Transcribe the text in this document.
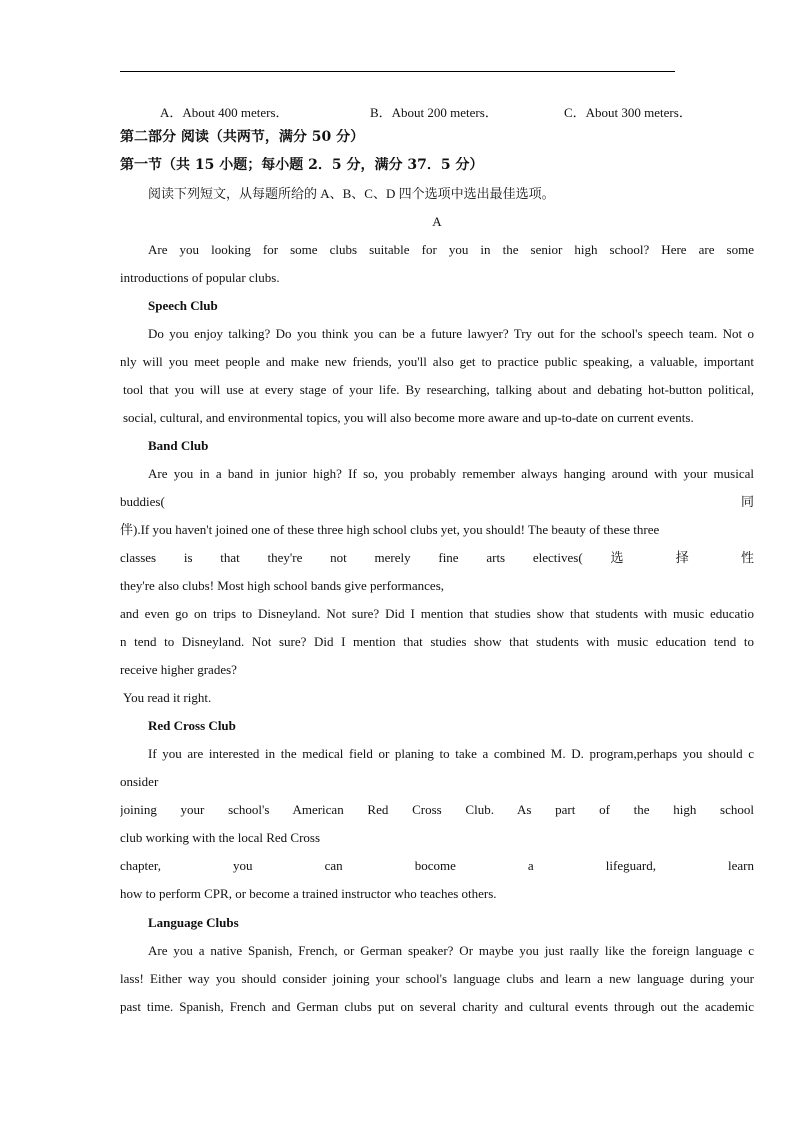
A．About 400 meters．	B．About 200 meters．	C．About 300 meters．
第二部分 阅读（共两节，满分 50 分）
第一节（共 15 小题；每小题 2．5 分，满分 37．5 分）
阅读下列短文，从每题所给的 A、B、C、D 四个选项中选出最佳选项。
A
Are you looking for some clubs suitable for you in the senior high school? Here are some
introductions of popular clubs.
Speech Club
Do you enjoy talking? Do you think you can be a future lawyer? Try out for the school's speech team. Not o
nly will you meet people and make new friends, you'll also get to practice public speaking, a valuable, important
tool that you will use at every stage of your life. By researching, talking about and debating hot-button political,
social, cultural, and environmental topics, you will also become more aware and up-to-date on current events.
Band Club
Are you in a band in junior high? If so, you probably remember always hanging around with your musical
buddies(	同
伴).If you haven't joined one of these three high school clubs yet, you should! The beauty of these three
classes is that they're not merely fine arts electives( 选 择 性
they're also clubs! Most high school bands give performances,
and even go on trips to Disneyland. Not sure? Did I mention that studies show that students with music educatio
n tend to Disneyland. Not sure? Did I mention that studies show that students with music education tend to
receive higher grades?
You read it right.
Red Cross Club
If you are interested in the medical field or planing to take a combined M. D. program,perhaps you should c
onsider
joining your school's American Red Cross Club. As part of the high school
club working with the local Red Cross
chapter, you can bocome a lifeguard, learn
how to perform CPR, or become a trained instructor who teaches others.
Language Clubs
Are you a native Spanish, French, or German speaker? Or maybe you just raally like the foreign language c
lass! Either way you should consider joining your school's language clubs and learn a new language during your
past time. Spanish, French and German clubs put on several charity and cultural events through out the academic
